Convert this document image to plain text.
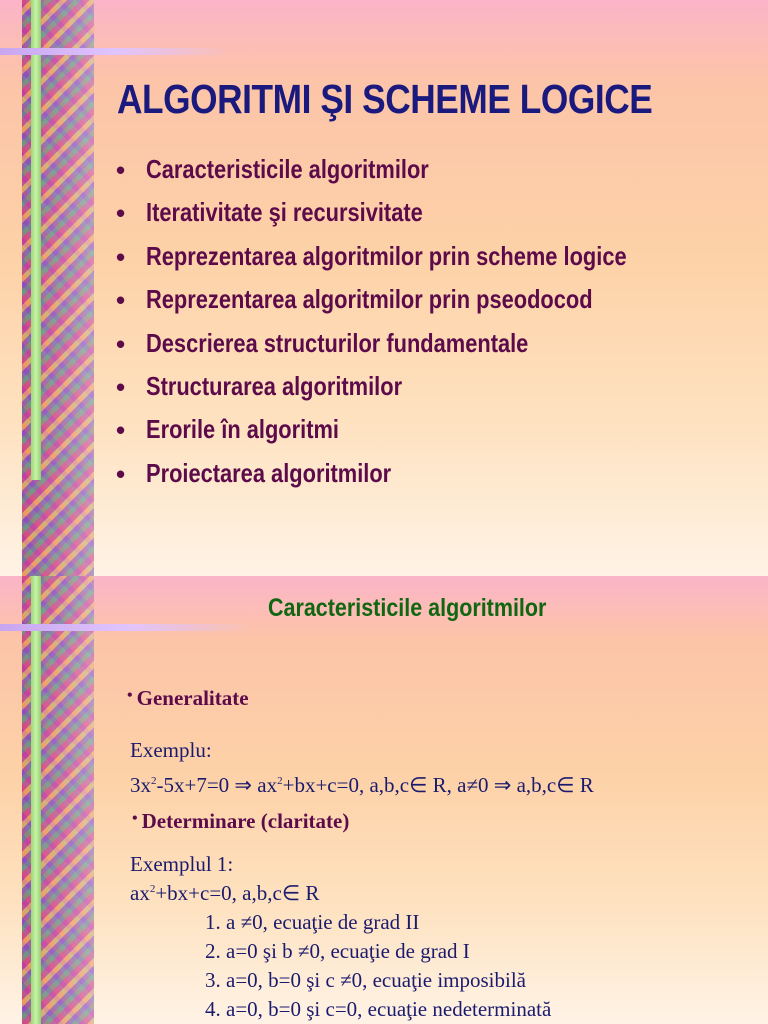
ALGORITMI ŞI SCHEME LOGICE
• Caracteristicile algoritmilor
• Iterativitate şi recursivitate
• Reprezentarea algoritmilor prin scheme logice
• Reprezentarea algoritmilor prin pseodocod
• Descrierea structurilor fundamentale
• Structurarea algoritmilor
• Erorile în algoritmi
• Proiectarea algoritmilor
Caracteristicile algoritmilor
• Generalitate
Exemplu:
$3x^2-5x+7=0$ ⇒ $ax^2+bx+c=0$, a,b,c∈ R, a≠0 ⇒ a,b,c∈ R
• Determinare (claritate)
Exemplul 1:
$ax^2+bx+c=0$, a,b,c∈ R
1. a ≠0, ecuaţie de grad II
2. a=0 şi b ≠0, ecuaţie de grad I
3. a=0, b=0 şi c ≠0, ecuaţie imposibilă
4. a=0, b=0 şi c=0, ecuaţie nedeterminată
